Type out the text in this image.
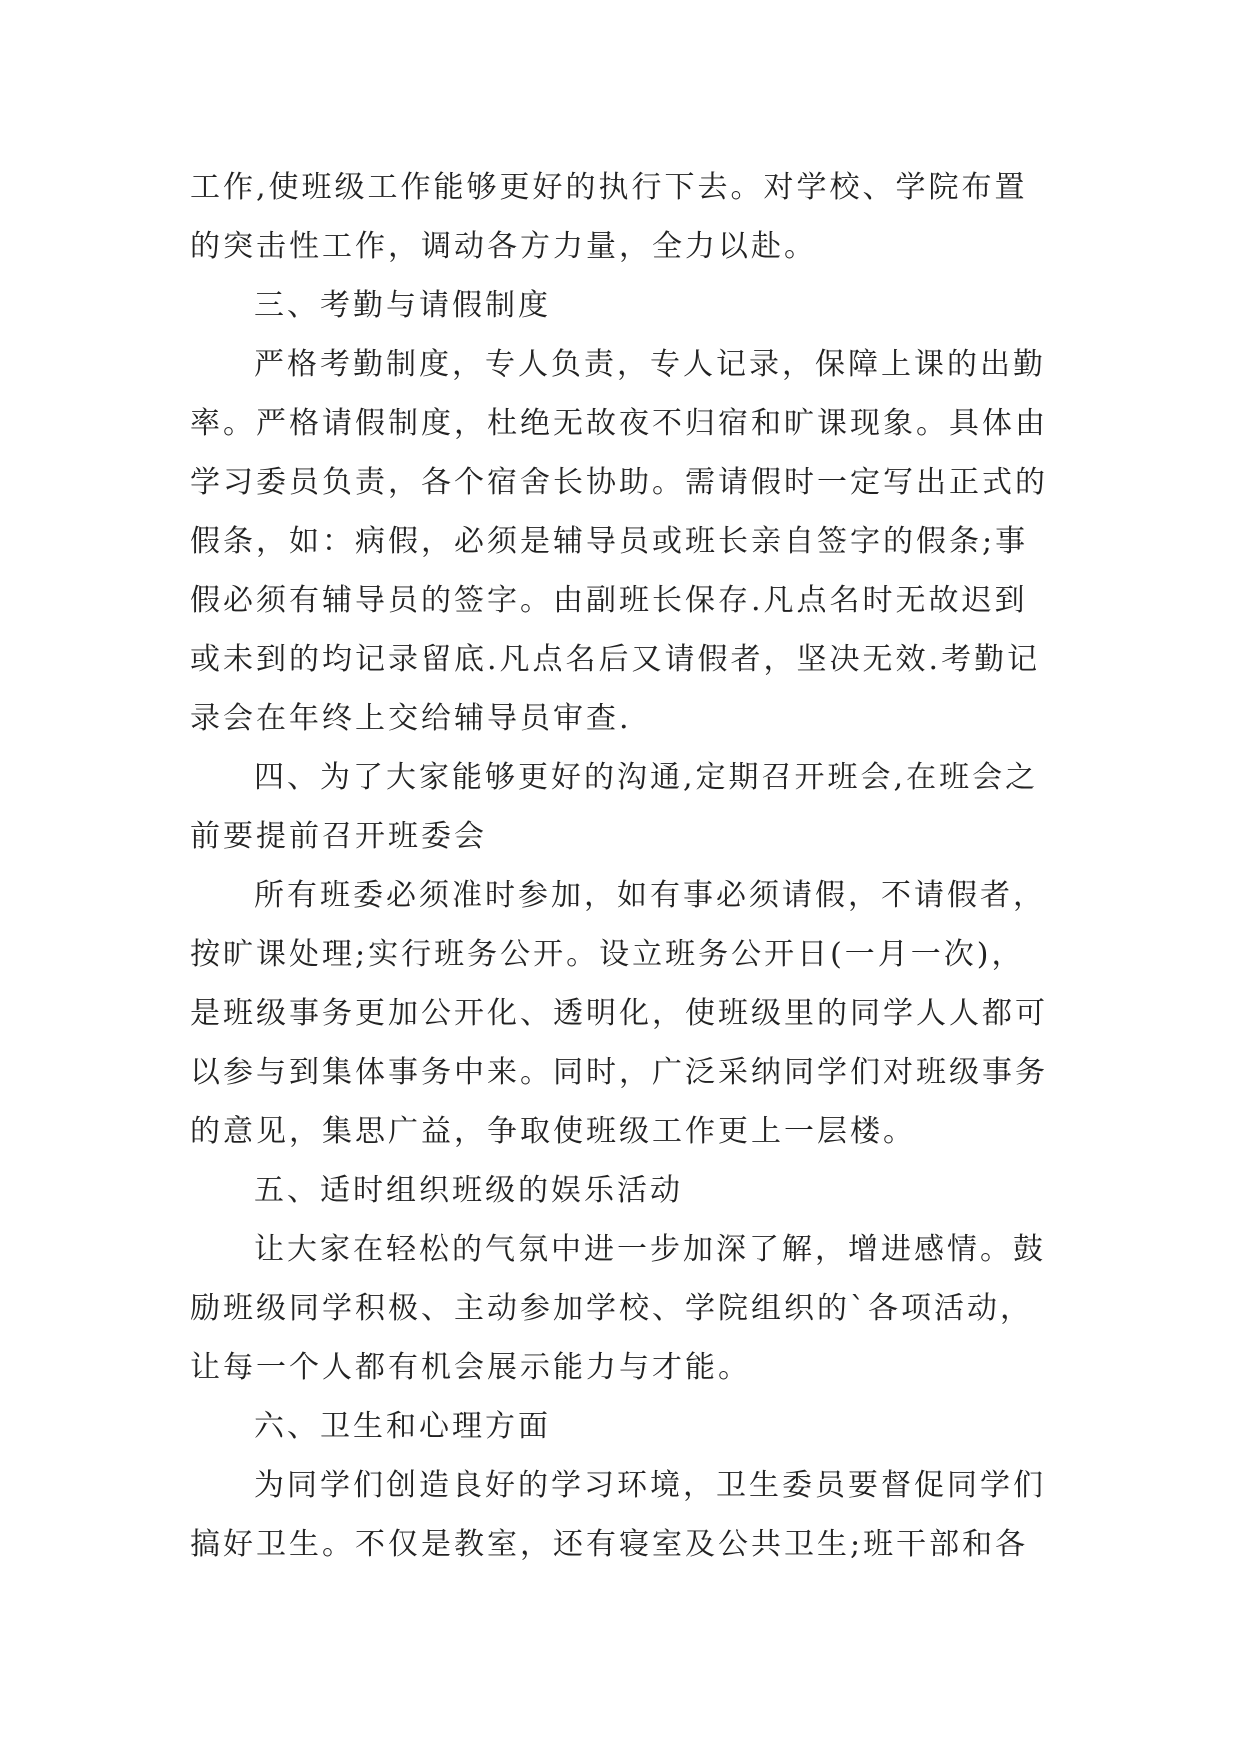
工作,使班级工作能够更好的执行下去。对学校、学院布置
的突击性工作，调动各方力量，全力以赴。
三、考勤与请假制度
严格考勤制度，专人负责，专人记录，保障上课的出勤
率。严格请假制度，杜绝无故夜不归宿和旷课现象。具体由
学习委员负责，各个宿舍长协助。需请假时一定写出正式的
假条，如：病假，必须是辅导员或班长亲自签字的假条;事
假必须有辅导员的签字。由副班长保存.凡点名时无故迟到
或未到的均记录留底.凡点名后又请假者，坚决无效.考勤记
录会在年终上交给辅导员审查.
四、为了大家能够更好的沟通,定期召开班会,在班会之
前要提前召开班委会
所有班委必须准时参加，如有事必须请假，不请假者，
按旷课处理;实行班务公开。设立班务公开日(一月一次)，
是班级事务更加公开化、透明化，使班级里的同学人人都可
以参与到集体事务中来。同时，广泛采纳同学们对班级事务
的意见，集思广益，争取使班级工作更上一层楼。
五、适时组织班级的娱乐活动
让大家在轻松的气氛中进一步加深了解，增进感情。鼓
励班级同学积极、主动参加学校、学院组织的`各项活动，
让每一个人都有机会展示能力与才能。
六、卫生和心理方面
为同学们创造良好的学习环境，卫生委员要督促同学们
搞好卫生。不仅是教室，还有寝室及公共卫生;班干部和各
